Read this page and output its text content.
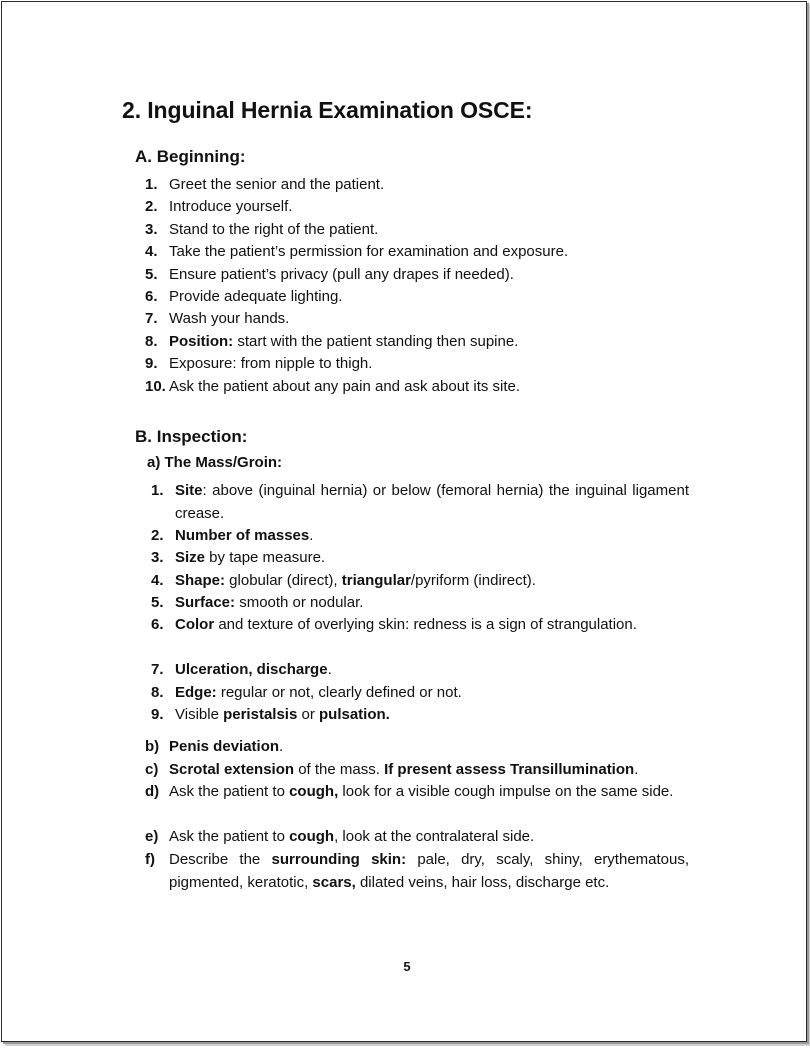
2. Inguinal Hernia Examination OSCE:
A. Beginning:
1. Greet the senior and the patient.
2. Introduce yourself.
3. Stand to the right of the patient.
4. Take the patient’s permission for examination and exposure.
5. Ensure patient’s privacy (pull any drapes if needed).
6. Provide adequate lighting.
7. Wash your hands.
8. Position: start with the patient standing then supine.
9. Exposure: from nipple to thigh.
10. Ask the patient about any pain and ask about its site.
B. Inspection:
a) The Mass/Groin:
1. Site: above (inguinal hernia) or below (femoral hernia) the inguinal ligament crease.
2. Number of masses.
3. Size by tape measure.
4. Shape: globular (direct), triangular/pyriform (indirect).
5. Surface: smooth or nodular.
6. Color and texture of overlying skin: redness is a sign of strangulation.
7. Ulceration, discharge.
8. Edge: regular or not, clearly defined or not.
9. Visible peristalsis or pulsation.
b) Penis deviation.
c) Scrotal extension of the mass. If present assess Transillumination.
d) Ask the patient to cough, look for a visible cough impulse on the same side.
e) Ask the patient to cough, look at the contralateral side.
f) Describe the surrounding skin: pale, dry, scaly, shiny, erythematous, pigmented, keratotic, scars, dilated veins, hair loss, discharge etc.
5
